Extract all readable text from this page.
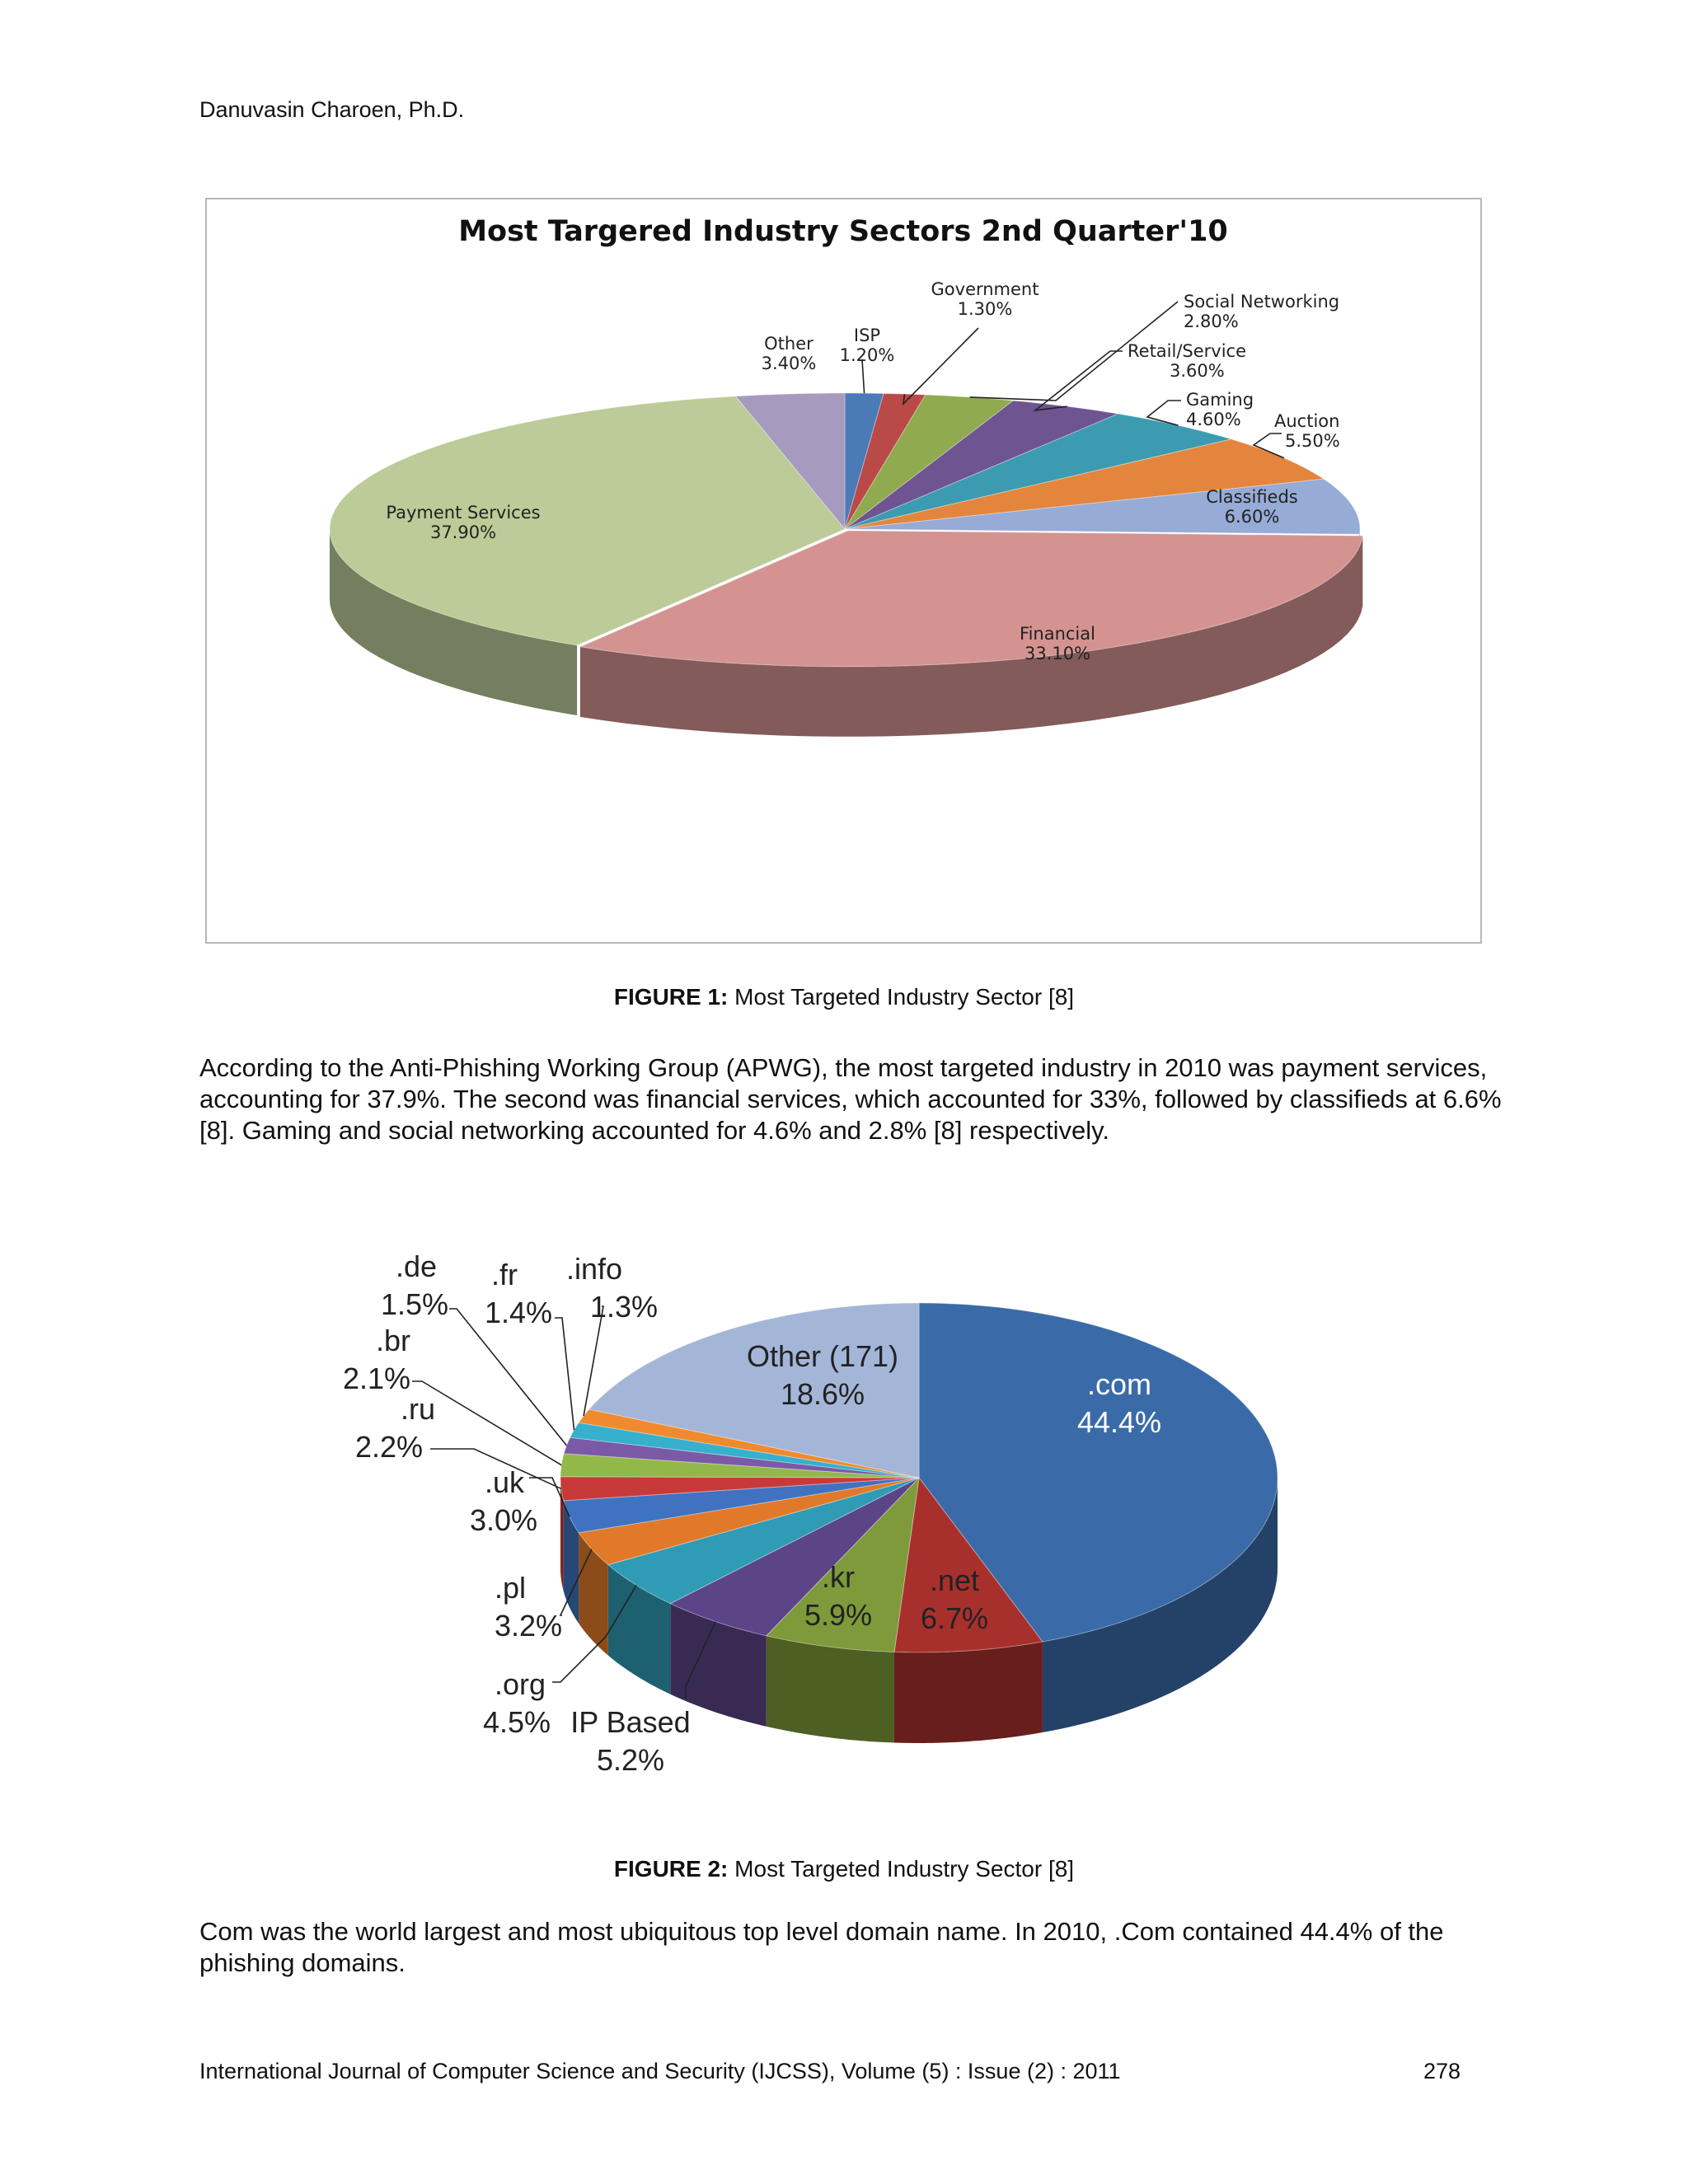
Danuvasin Charoen, Ph.D.
Most Targered Industry Sectors 2nd Quarter'10
ISP 1.20%
Government 1.30%	Social Networking 2.80%
Retail/Service 3.60%
Gaming 4.60%	Auction 5.50%
Classifieds 6.60%
Financial 33.10%
Payment Services 37.90%
Other 3.40%
FIGURE 1: Most Targeted Industry Sector [8]
According to the Anti-Phishing Working Group (APWG), the most targeted industry in 2010 was payment services, accounting for 37.9%. The second was financial services, which accounted for 33%, followed by classifieds at 6.6% [8]. Gaming and social networking accounted for 4.6% and 2.8% [8] respectively.
.com 44.4%
.net 6.7%
.kr 5.9%
IP Based 5.2%
.org 4.5%
.pl 3.2%
.uk 3.0%
.ru 2.2%
.br 2.1%
.de 1.5%
.fr 1.4%
.info 1.3%
Other (171) 18.6%
FIGURE 2: Most Targeted Industry Sector [8]
Com was the world largest and most ubiquitous top level domain name. In 2010, .Com contained 44.4% of the phishing domains.
International Journal of Computer Science and Security (IJCSS), Volume (5) : Issue (2) : 2011	278
